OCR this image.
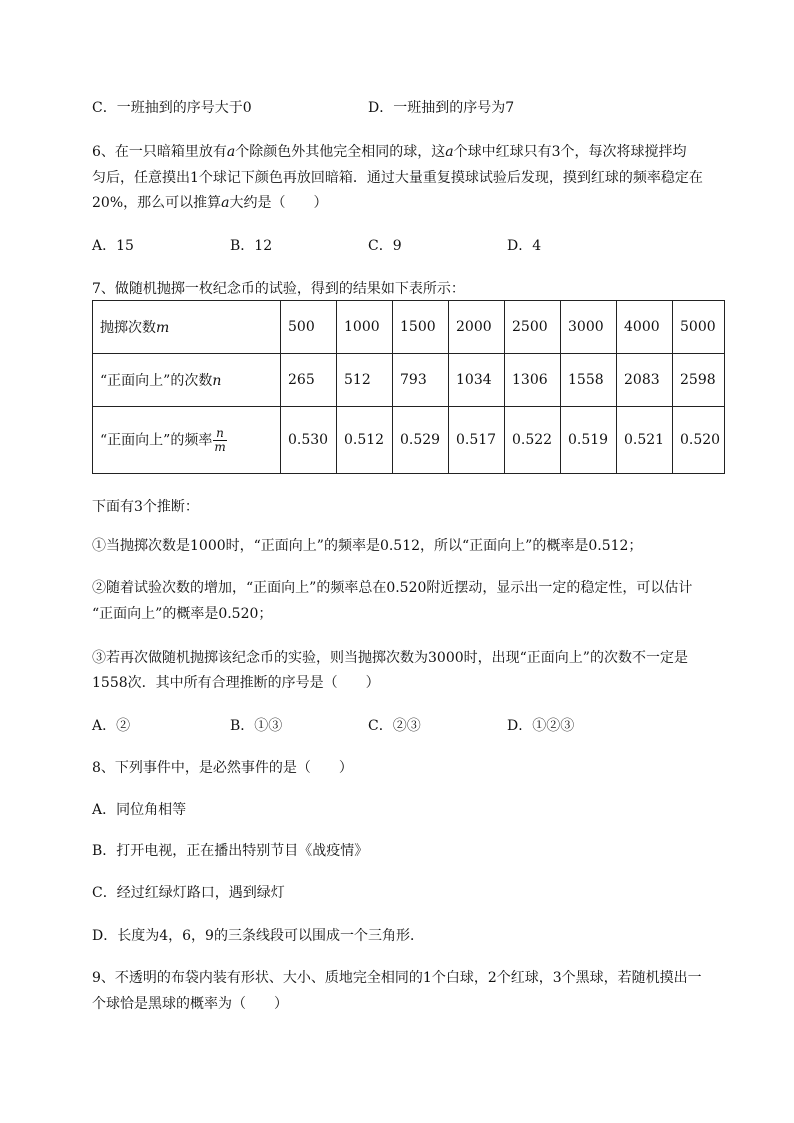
C．一班抽到的序号大于0	D．一班抽到的序号为7
6、在一只暗箱里放有a个除颜色外其他完全相同的球，这a个球中红球只有3个，每次将球搅拌均
匀后，任意摸出1个球记下颜色再放回暗箱．通过大量重复摸球试验后发现，摸到红球的频率稳定在
20%，那么可以推算a大约是（　　）
A．15	B．12	C．9	D．4
7、做随机抛掷一枚纪念币的试验，得到的结果如下表所示：
抛掷次数m	500	1000	1500	2000	2500	3000	4000	5000
“正面向上”的次数n	265	512	793	1034	1306	1558	2083	2598
“正面向上”的频率 $\frac{n}{m}$	0.530	0.512	0.529	0.517	0.522	0.519	0.521	0.520
下面有3个推断：
①当抛掷次数是1000时，“正面向上”的频率是0.512，所以“正面向上”的概率是0.512；
②随着试验次数的增加，“正面向上”的频率总在0.520附近摆动，显示出一定的稳定性，可以估计
“正面向上”的概率是0.520；
③若再次做随机抛掷该纪念币的实验，则当抛掷次数为3000时，出现“正面向上”的次数不一定是
1558次．其中所有合理推断的序号是（　　）
A．②	B．①③	C．②③	D．①②③
8、下列事件中，是必然事件的是（　　）
A．同位角相等
B．打开电视，正在播出特别节目《战疫情》
C．经过红绿灯路口，遇到绿灯
D．长度为4，6，9的三条线段可以围成一个三角形．
9、不透明的布袋内装有形状、大小、质地完全相同的1个白球，2个红球，3个黑球，若随机摸出一
个球恰是黑球的概率为（　　）
